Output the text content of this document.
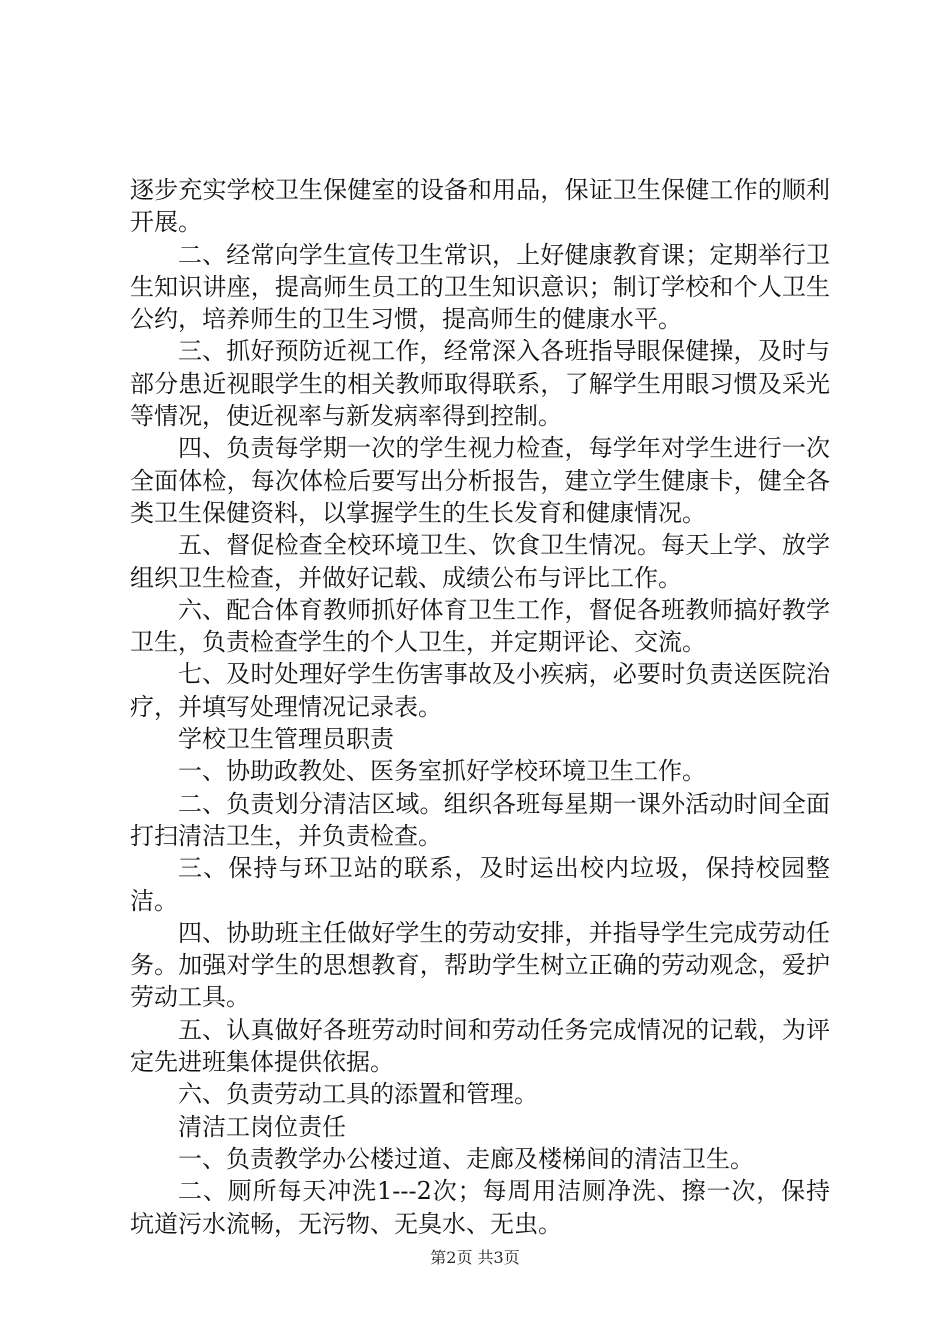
逐步充实学校卫生保健室的设备和用品，保证卫生保健工作的顺利开展。

二、经常向学生宣传卫生常识，上好健康教育课；定期举行卫生知识讲座，提高师生员工的卫生知识意识；制订学校和个人卫生公约，培养师生的卫生习惯，提高师生的健康水平。

三、抓好预防近视工作，经常深入各班指导眼保健操，及时与部分患近视眼学生的相关教师取得联系，了解学生用眼习惯及采光等情况，使近视率与新发病率得到控制。

四、负责每学期一次的学生视力检查，每学年对学生进行一次全面体检，每次体检后要写出分析报告，建立学生健康卡，健全各类卫生保健资料，以掌握学生的生长发育和健康情况。

五、督促检查全校环境卫生、饮食卫生情况。每天上学、放学组织卫生检查，并做好记载、成绩公布与评比工作。

六、配合体育教师抓好体育卫生工作，督促各班教师搞好教学卫生，负责检查学生的个人卫生，并定期评论、交流。

七、及时处理好学生伤害事故及小疾病，必要时负责送医院治疗，并填写处理情况记录表。

学校卫生管理员职责

一、协助政教处、医务室抓好学校环境卫生工作。

二、负责划分清洁区域。组织各班每星期一课外活动时间全面打扫清洁卫生，并负责检查。

三、保持与环卫站的联系，及时运出校内垃圾，保持校园整洁。

四、协助班主任做好学生的劳动安排，并指导学生完成劳动任务。加强对学生的思想教育，帮助学生树立正确的劳动观念，爱护劳动工具。

五、认真做好各班劳动时间和劳动任务完成情况的记载，为评定先进班集体提供依据。

六、负责劳动工具的添置和管理。

清洁工岗位责任

一、负责教学办公楼过道、走廊及楼梯间的清洁卫生。

二、厕所每天冲洗1---2次；每周用洁厕净洗、擦一次，保持坑道污水流畅，无污物、无臭水、无虫。

第2页 共3页
